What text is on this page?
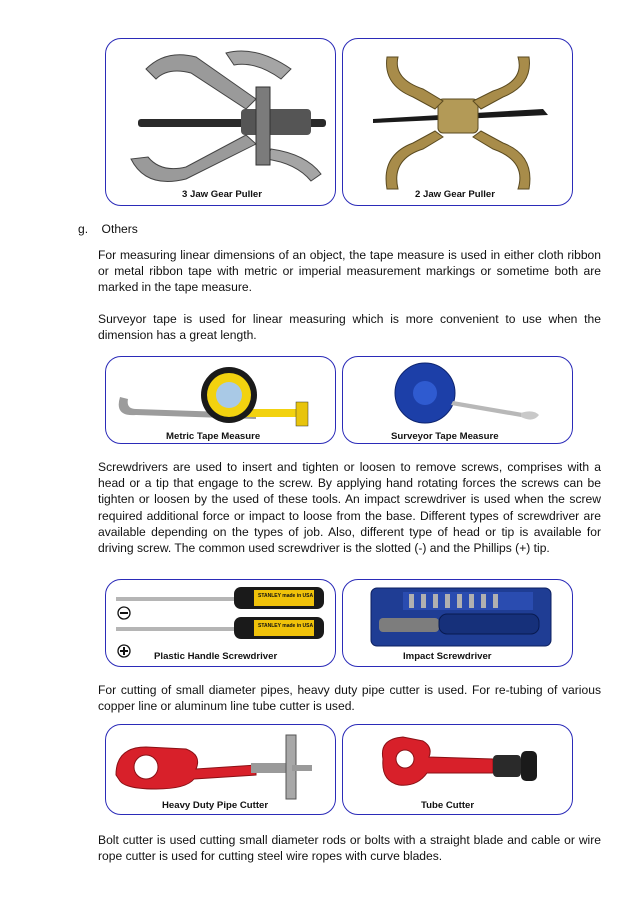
3 Jaw Gear Puller	2 Jaw Gear Puller
g. Others

For measuring linear dimensions of an object, the tape measure is used in either cloth ribbon or metal ribbon tape with metric or imperial measurement markings or sometime both are marked in the tape measure.

Surveyor tape is used for linear measuring which is more convenient to use when the dimension has a great length.

Metric Tape Measure	Surveyor Tape Measure

Screwdrivers are used to insert and tighten or loosen to remove screws, comprises with a head or a tip that engage to the screw. By applying hand rotating forces the screws can be tighten or loosen by the used of these tools. An impact screwdriver is used when the screw required additional force or impact to loose from the base. Different types of screwdriver are available depending on the types of job. Also, different type of head or tip is available for driving screw. The common used screwdriver is the slotted (-) and the Phillips (+) tip.

STANLEY made in USA
STANLEY made in USA
Plastic Handle Screwdriver	Impact Screwdriver

For cutting of small diameter pipes, heavy duty pipe cutter is used. For re-tubing of various copper line or aluminum line tube cutter is used.

Heavy Duty Pipe Cutter	Tube Cutter

Bolt cutter is used cutting small diameter rods or bolts with a straight blade and cable or wire rope cutter is used for cutting steel wire ropes with curve blades.
